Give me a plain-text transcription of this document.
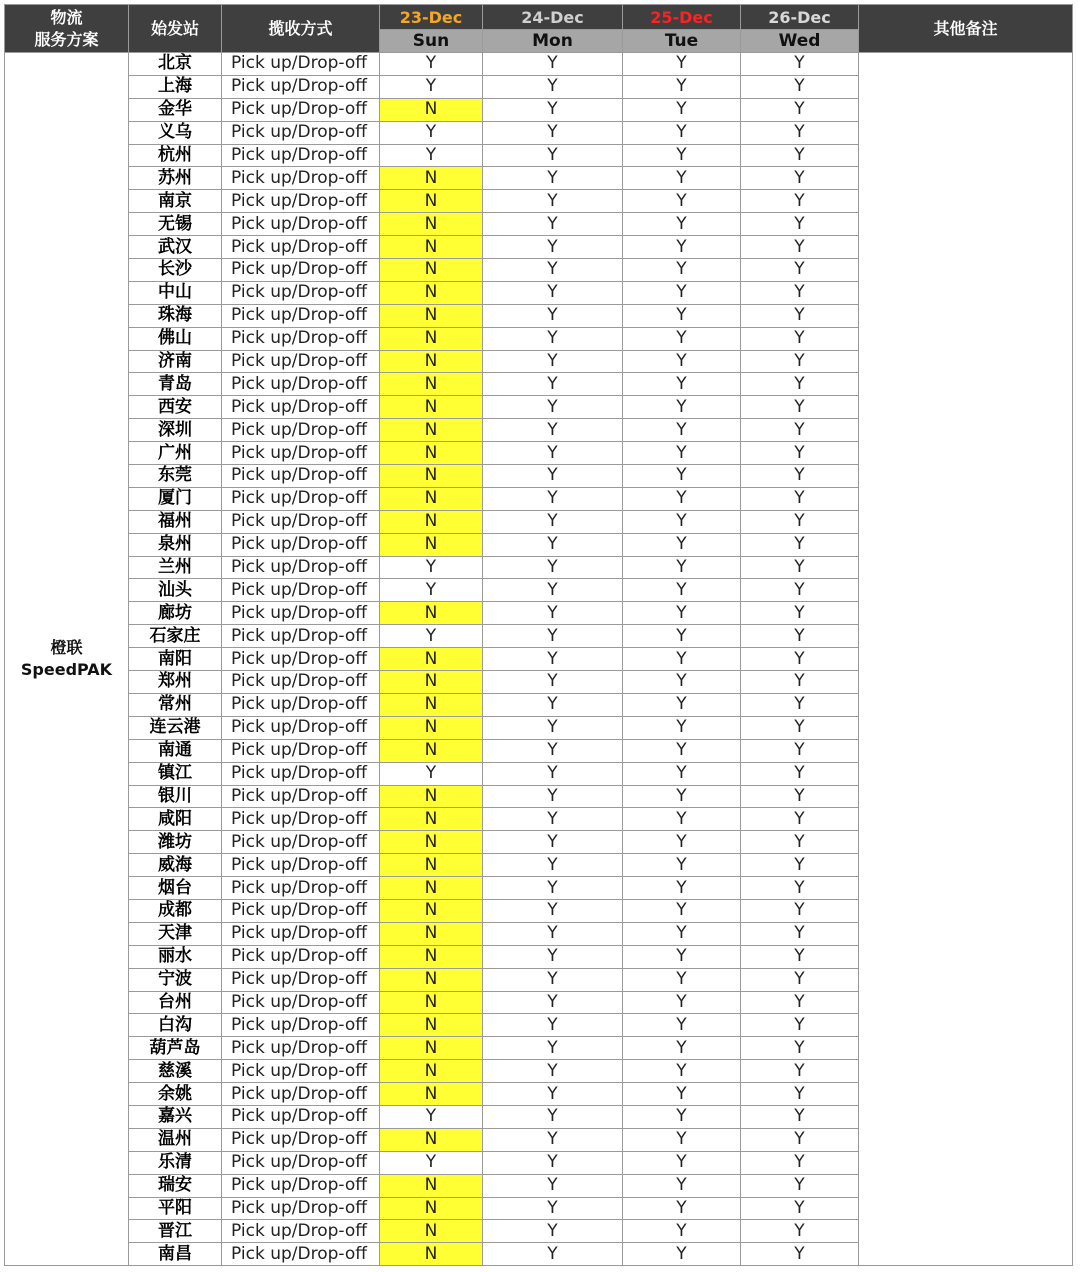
物流
服务方案	始发站	揽收方式	23-Dec	24-Dec	25-Dec	26-Dec	其他备注
			Sun	Mon	Tue	Wed	

橙联
SpeedPAK	北京	Pick up/Drop-off	Y	Y	Y	Y	
	上海	Pick up/Drop-off	Y	Y	Y	Y	
	金华	Pick up/Drop-off	N	Y	Y	Y	
	义乌	Pick up/Drop-off	Y	Y	Y	Y	
	杭州	Pick up/Drop-off	Y	Y	Y	Y	
	苏州	Pick up/Drop-off	N	Y	Y	Y	
	南京	Pick up/Drop-off	N	Y	Y	Y	
	无锡	Pick up/Drop-off	N	Y	Y	Y	
	武汉	Pick up/Drop-off	N	Y	Y	Y	
	长沙	Pick up/Drop-off	N	Y	Y	Y	
	中山	Pick up/Drop-off	N	Y	Y	Y	
	珠海	Pick up/Drop-off	N	Y	Y	Y	
	佛山	Pick up/Drop-off	N	Y	Y	Y	
	济南	Pick up/Drop-off	N	Y	Y	Y	
	青岛	Pick up/Drop-off	N	Y	Y	Y	
	西安	Pick up/Drop-off	N	Y	Y	Y	
	深圳	Pick up/Drop-off	N	Y	Y	Y	
	广州	Pick up/Drop-off	N	Y	Y	Y	
	东莞	Pick up/Drop-off	N	Y	Y	Y	
	厦门	Pick up/Drop-off	N	Y	Y	Y	
	福州	Pick up/Drop-off	N	Y	Y	Y	
	泉州	Pick up/Drop-off	N	Y	Y	Y	
	兰州	Pick up/Drop-off	Y	Y	Y	Y	
	汕头	Pick up/Drop-off	Y	Y	Y	Y	
	廊坊	Pick up/Drop-off	N	Y	Y	Y	
	石家庄	Pick up/Drop-off	Y	Y	Y	Y	
	南阳	Pick up/Drop-off	N	Y	Y	Y	
	郑州	Pick up/Drop-off	N	Y	Y	Y	
	常州	Pick up/Drop-off	N	Y	Y	Y	
	连云港	Pick up/Drop-off	N	Y	Y	Y	
	南通	Pick up/Drop-off	N	Y	Y	Y	
	镇江	Pick up/Drop-off	Y	Y	Y	Y	
	银川	Pick up/Drop-off	N	Y	Y	Y	
	咸阳	Pick up/Drop-off	N	Y	Y	Y	
	潍坊	Pick up/Drop-off	N	Y	Y	Y	
	威海	Pick up/Drop-off	N	Y	Y	Y	
	烟台	Pick up/Drop-off	N	Y	Y	Y	
	成都	Pick up/Drop-off	N	Y	Y	Y	
	天津	Pick up/Drop-off	N	Y	Y	Y	
	丽水	Pick up/Drop-off	N	Y	Y	Y	
	宁波	Pick up/Drop-off	N	Y	Y	Y	
	台州	Pick up/Drop-off	N	Y	Y	Y	
	白沟	Pick up/Drop-off	N	Y	Y	Y	
	葫芦岛	Pick up/Drop-off	N	Y	Y	Y	
	慈溪	Pick up/Drop-off	N	Y	Y	Y	
	余姚	Pick up/Drop-off	N	Y	Y	Y	
	嘉兴	Pick up/Drop-off	Y	Y	Y	Y	
	温州	Pick up/Drop-off	N	Y	Y	Y	
	乐清	Pick up/Drop-off	Y	Y	Y	Y	
	瑞安	Pick up/Drop-off	N	Y	Y	Y	
	平阳	Pick up/Drop-off	N	Y	Y	Y	
	晋江	Pick up/Drop-off	N	Y	Y	Y	
	南昌	Pick up/Drop-off	N	Y	Y	Y	
